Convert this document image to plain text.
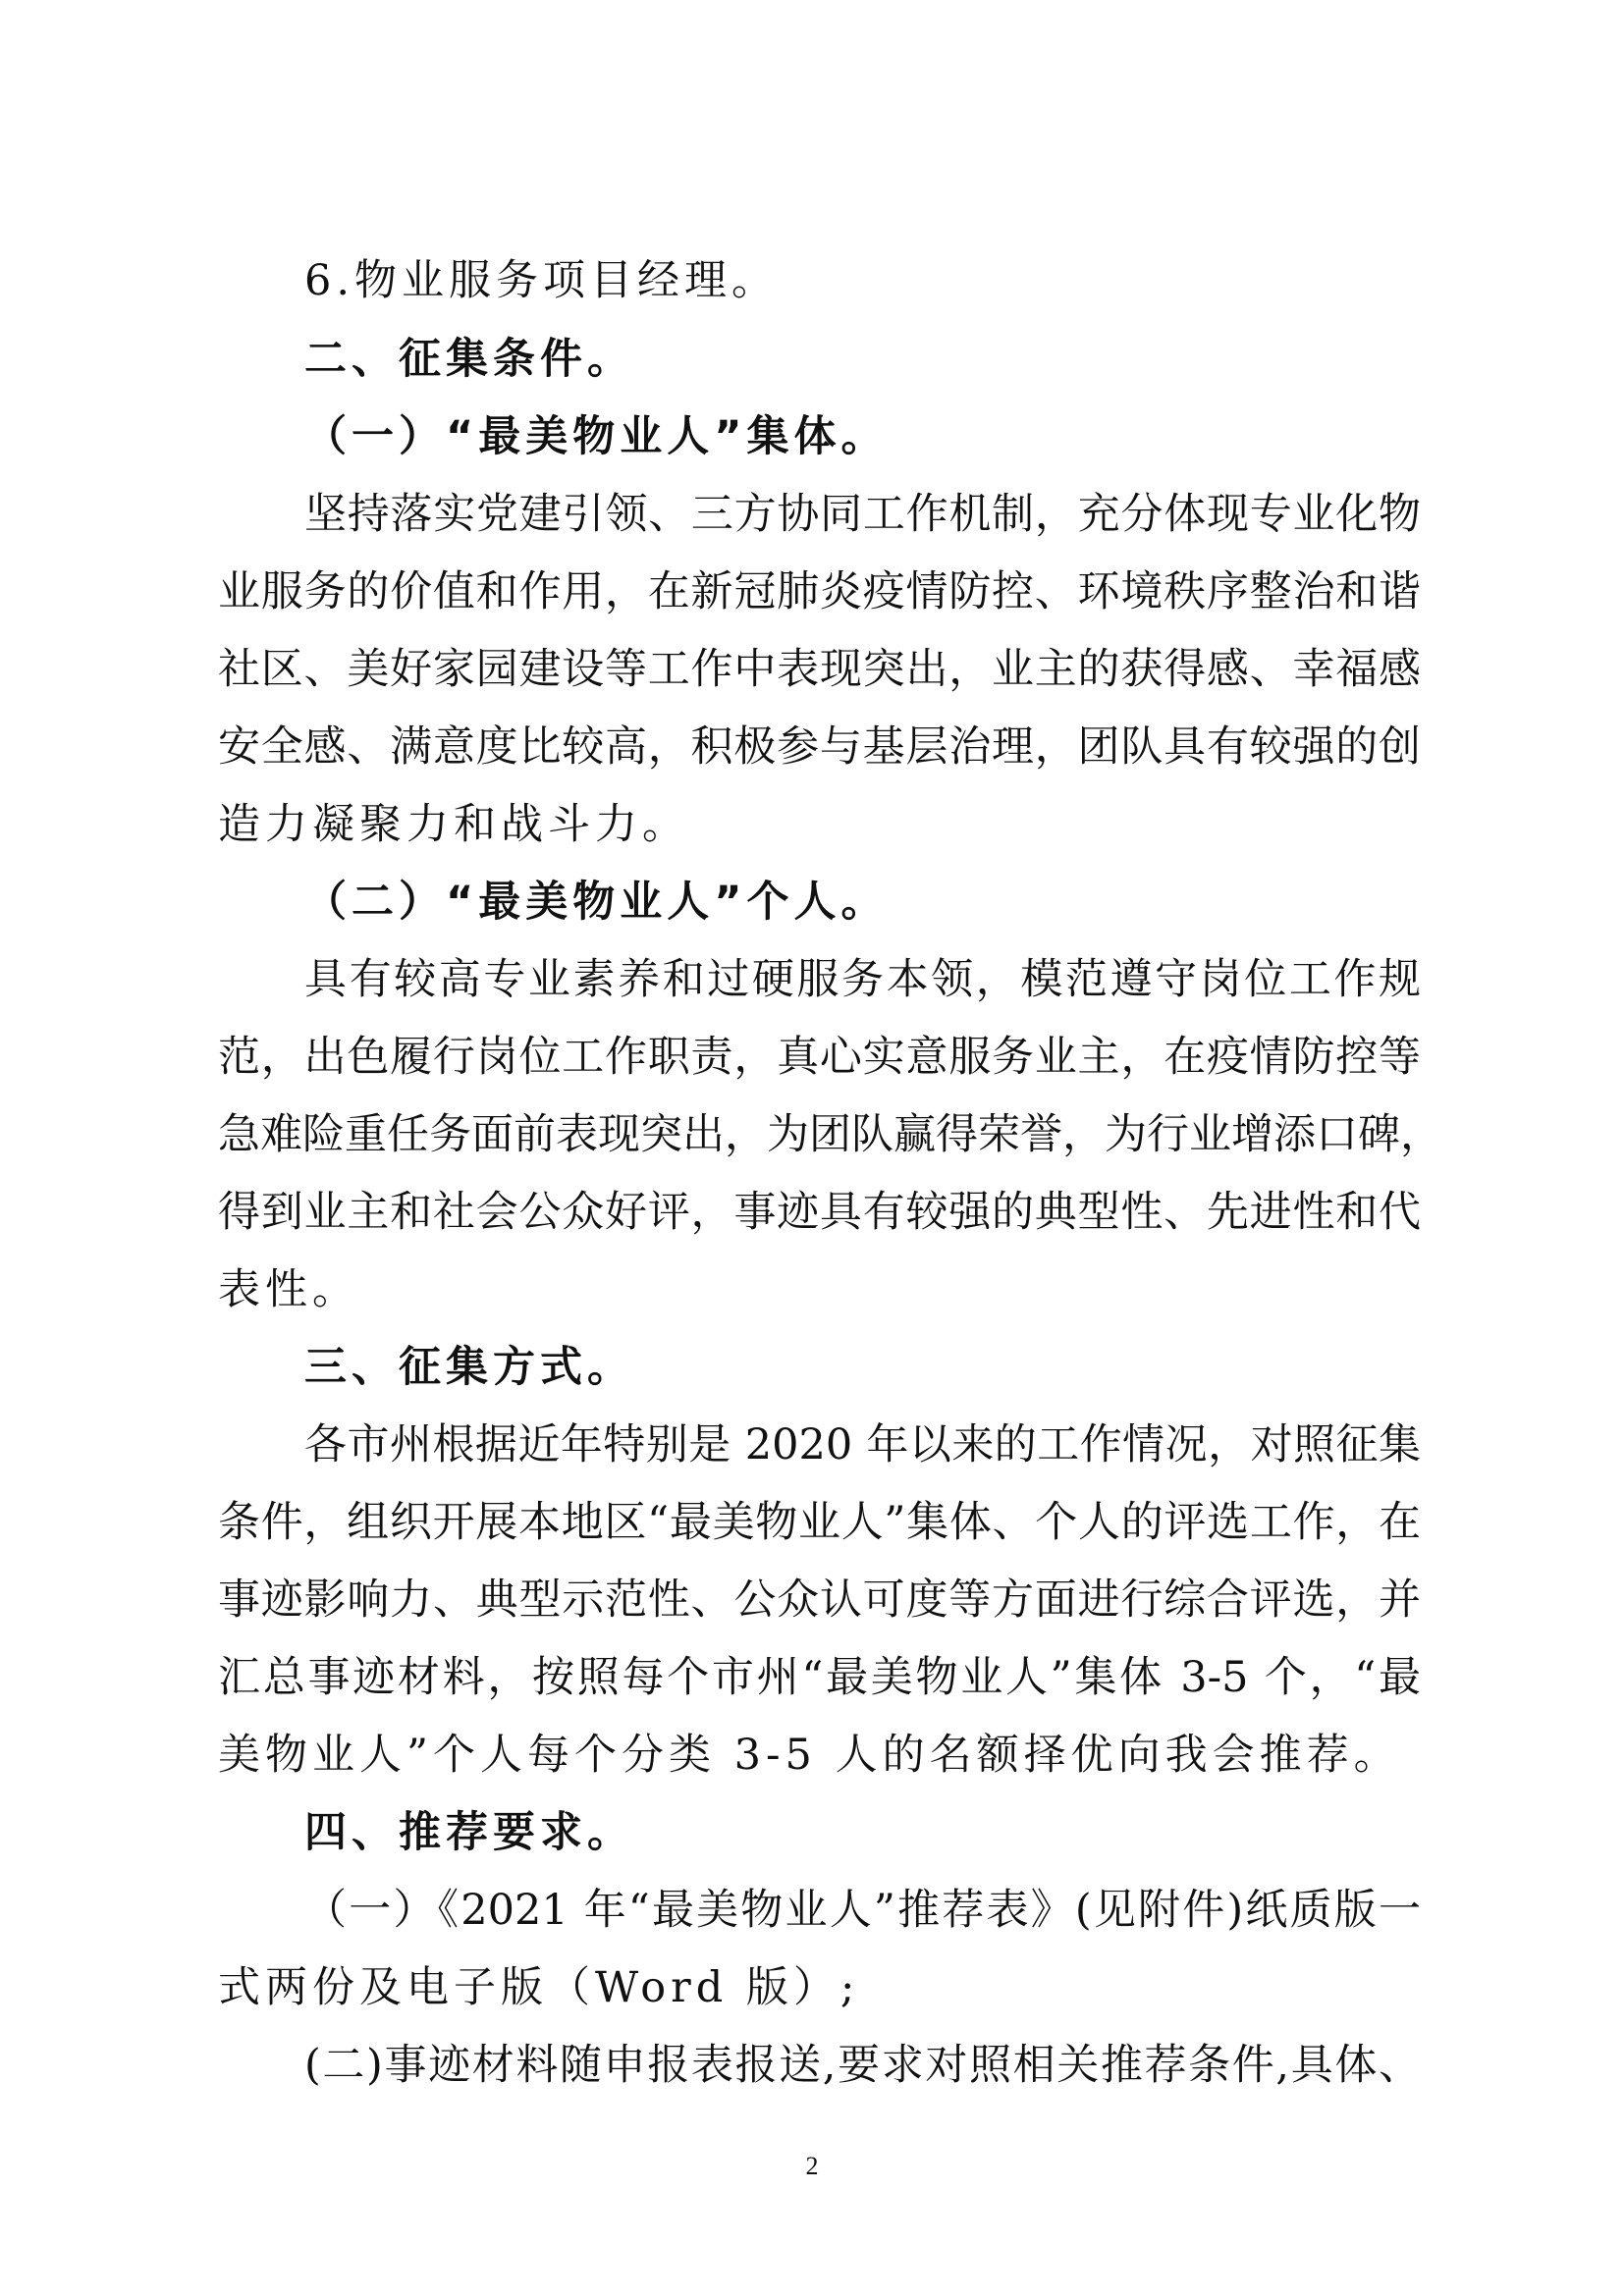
6.物业服务项目经理。
二、征集条件。
（一）“最美物业人”集体。
坚持落实党建引领、三方协同工作机制，充分体现专业化物
业服务的价值和作用，在新冠肺炎疫情防控、环境秩序整治和谐
社区、美好家园建设等工作中表现突出，业主的获得感、幸福感
安全感、满意度比较高，积极参与基层治理，团队具有较强的创
造力凝聚力和战斗力。
（二）“最美物业人”个人。
具有较高专业素养和过硬服务本领，模范遵守岗位工作规
范，出色履行岗位工作职责，真心实意服务业主，在疫情防控等
急难险重任务面前表现突出，为团队赢得荣誉，为行业增添口碑，
得到业主和社会公众好评，事迹具有较强的典型性、先进性和代
表性。
三、征集方式。
各市州根据近年特别是 2020 年以来的工作情况，对照征集
条件，组织开展本地区“最美物业人”集体、个人的评选工作，在
事迹影响力、典型示范性、公众认可度等方面进行综合评选，并
汇总事迹材料，按照每个市州“最美物业人”集体 3-5 个，“最
美物业人”个人每个分类 3-5 人的名额择优向我会推荐。
四、推荐要求。
（一）《2021 年“最美物业人”推荐表》(见附件)纸质版一
式两份及电子版（Word 版）;
(二)事迹材料随申报表报送,要求对照相关推荐条件,具体、
2
